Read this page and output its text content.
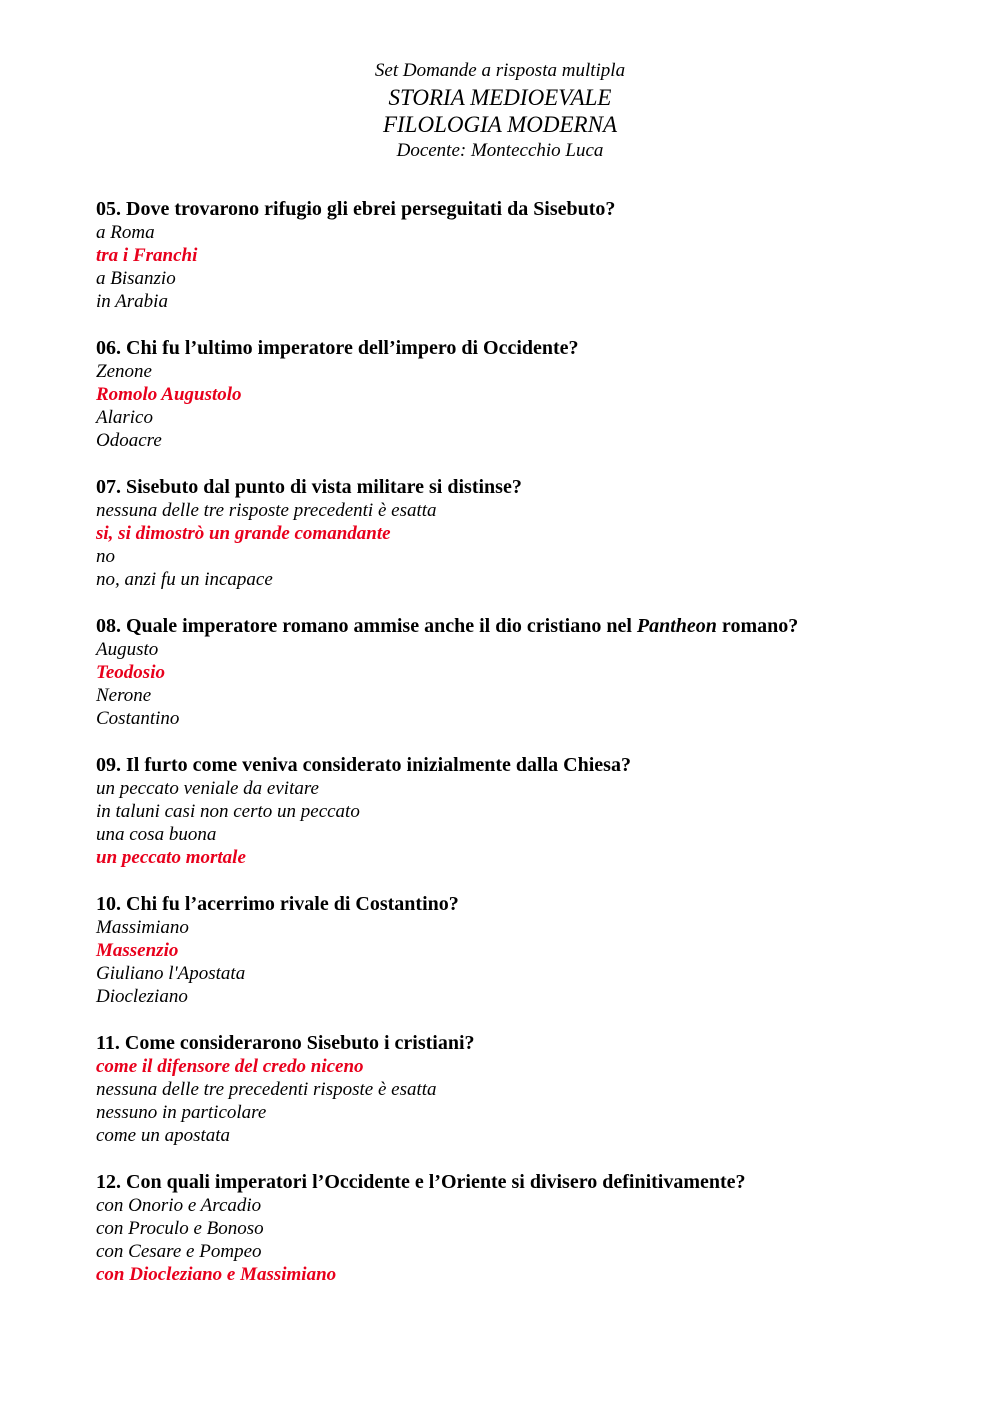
Set Domande a risposta multipla
STORIA MEDIOEVALE
FILOLOGIA MODERNA
Docente: Montecchio Luca
05. Dove trovarono rifugio gli ebrei perseguitati da Sisebuto?
a Roma
tra i Franchi
a Bisanzio
in Arabia
06. Chi fu l’ultimo imperatore dell’impero di Occidente?
Zenone
Romolo Augustolo
Alarico
Odoacre
07. Sisebuto dal punto di vista militare si distinse?
nessuna delle tre risposte precedenti è esatta
si, si dimostrò un grande comandante
no
no, anzi fu un incapace
08. Quale imperatore romano ammise anche il dio cristiano nel Pantheon romano?
Augusto
Teodosio
Nerone
Costantino
09. Il furto come veniva considerato inizialmente dalla Chiesa?
un peccato veniale da evitare
in taluni casi non certo un peccato
una cosa buona
un peccato mortale
10. Chi fu l’acerrimo rivale di Costantino?
Massimiano
Massenzio
Giuliano l'Apostata
Diocleziano
11. Come considerarono Sisebuto i cristiani?
come il difensore del credo niceno
nessuna delle tre precedenti risposte è esatta
nessuno in particolare
come un apostata
12. Con quali imperatori l’Occidente e l’Oriente si divisero definitivamente?
con Onorio e Arcadio
con Proculo e Bonoso
con Cesare e Pompeo
con Diocleziano e Massimiano
